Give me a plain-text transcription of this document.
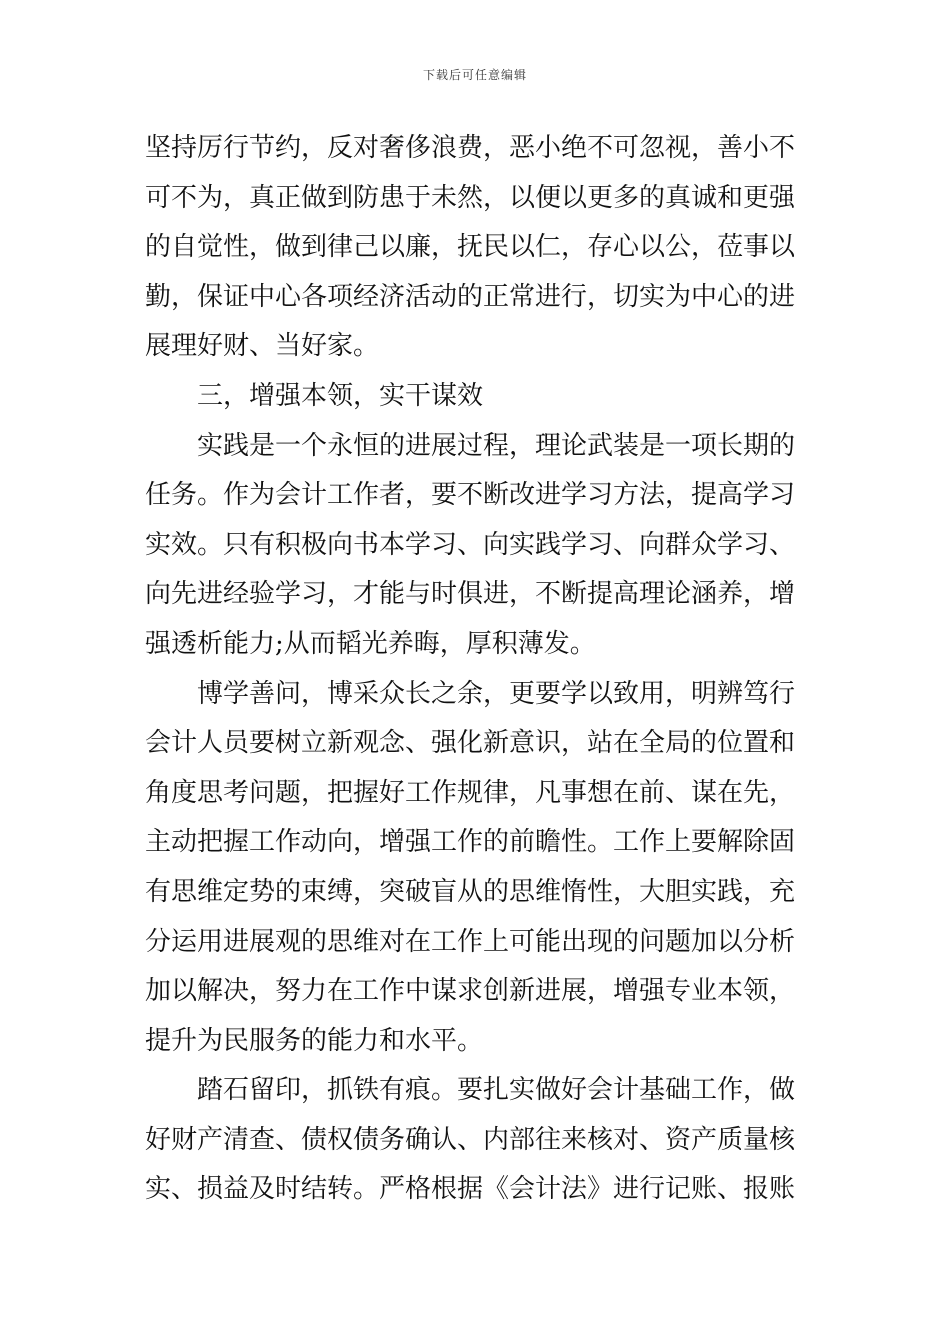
下载后可任意编辑
坚持厉行节约，反对奢侈浪费，恶小绝不可忽视，善小不
可不为，真正做到防患于未然，以便以更多的真诚和更强
的自觉性，做到律己以廉，抚民以仁，存心以公，莅事以
勤，保证中心各项经济活动的正常进行，切实为中心的进
展理好财、当好家。
三，增强本领，实干谋效
实践是一个永恒的进展过程，理论武装是一项长期的
任务。作为会计工作者，要不断改进学习方法，提高学习
实效。只有积极向书本学习、向实践学习、向群众学习、
向先进经验学习，才能与时俱进，不断提高理论涵养，增
强透析能力;从而韬光养晦，厚积薄发。
博学善问，博采众长之余，更要学以致用，明辨笃行
会计人员要树立新观念、强化新意识，站在全局的位置和
角度思考问题，把握好工作规律，凡事想在前、谋在先，
主动把握工作动向，增强工作的前瞻性。工作上要解除固
有思维定势的束缚，突破盲从的思维惰性，大胆实践，充
分运用进展观的思维对在工作上可能出现的问题加以分析
加以解决，努力在工作中谋求创新进展，增强专业本领，
提升为民服务的能力和水平。
踏石留印，抓铁有痕。要扎实做好会计基础工作，做
好财产清查、债权债务确认、内部往来核对、资产质量核
实、损益及时结转。严格根据《会计法》进行记账、报账
